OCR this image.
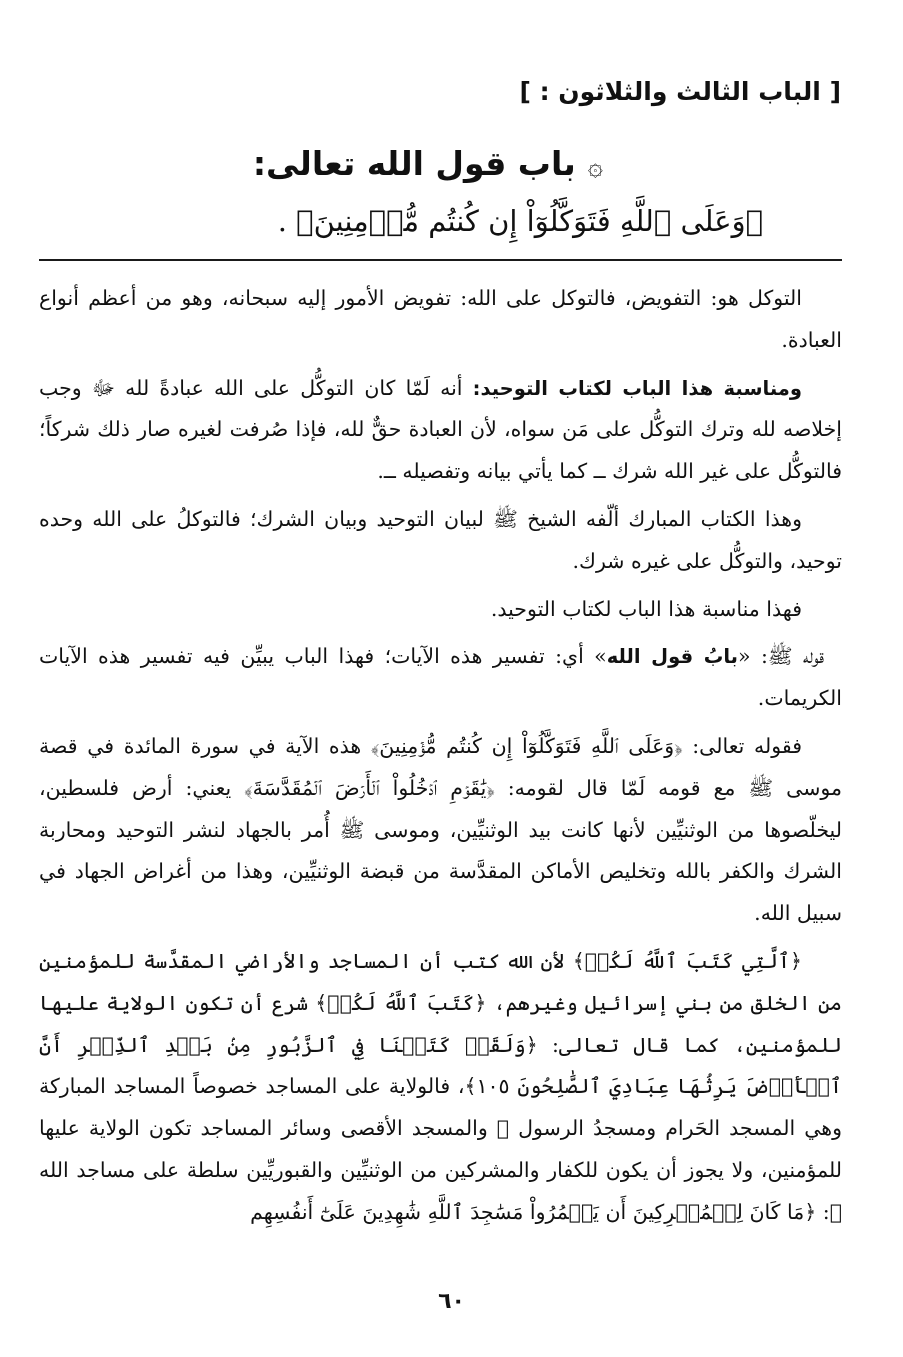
[ الباب الثالث والثلاثون : ]
۞باب قول الله تعالى:
﴿وَعَلَى ٱللَّهِ فَتَوَكَّلُوٓاْ إِن كُنتُم مُّؤۡمِنِينَ﴾ .

التوكل هو: التفويض، فالتوكل على الله: تفويض الأمور إليه سبحانه، وهو من أعظم أنواع العبادة.

ومناسبة هذا الباب لكتاب التوحيد: أنه لَمّا كان التوكُّل على الله عبادةً لله ﷻ وجب إخلاصه لله وترك التوكُّل على مَن سواه، لأن العبادة حقٌّ لله، فإذا صُرفت لغيره صار ذلك شركاً؛ فالتوكُّل على غير الله شرك ــ كما يأتي بيانه وتفصيله ــ.

وهذا الكتاب المبارك ألّفه الشيخ ﷺ لبيان التوحيد وبيان الشرك؛ فالتوكلُ على الله وحده توحيد، والتوكُّل على غيره شرك.

فهذا مناسبة هذا الباب لكتاب التوحيد.

قوله ﷺ: «بابُ قول الله» أي: تفسير هذه الآيات؛ فهذا الباب يبيِّن فيه تفسير هذه الآيات الكريمات.

فقوله تعالى: ﴿وَعَلَى ٱللَّهِ فَتَوَكَّلُوٓاْ إِن كُنتُم مُّؤۡمِنِينَ﴾ هذه الآية في سورة المائدة في قصة موسى ﷺ مع قومه لَمّا قال لقومه: ﴿يَٰقَوۡمِ ٱدۡخُلُواْ ٱلۡأَرۡضَ ٱلۡمُقَدَّسَةَ﴾ يعني: أرض فلسطين، ليخلّصوها من الوثنيِّين لأنها كانت بيد الوثنيِّين، وموسى ﷺ أُمر بالجهاد لنشر التوحيد ومحاربة الشرك والكفر بالله وتخليص الأماكن المقدَّسة من قبضة الوثنيِّين، وهذا من أغراض الجهاد في سبيل الله.

﴿ٱلَّتِي كَتَبَ ٱللَّهُ لَكُمۡ﴾ لأن الله كتب أن المساجد والأراضي المقدَّسة للمؤمنين من الخلق من بني إسرائيل وغيرهم، ﴿كَتَبَ ٱللَّهُ لَكُمۡ﴾ شرع أن تكون الولاية عليها للمؤمنين، كما قال تعالى: ﴿وَلَقَدۡ كَتَبۡنَا فِي ٱلزَّبُورِ مِنۢ بَعۡدِ ٱلذِّكۡرِ أَنَّ ٱلۡأَرۡضَ يَرِثُهَا عِبَادِيَ ٱلصَّٰلِحُونَ ١٠٥﴾، فالولاية على المساجد خصوصاً المساجد المباركة وهي المسجد الحَرام ومسجدُ الرسول ﷺ والمسجد الأقصى وسائر المساجد تكون الولاية عليها للمؤمنين، ولا يجوز أن يكون للكفار والمشركين من الوثنيِّين والقبوريِّين سلطة على مساجد الله ﷻ: ﴿مَا كَانَ لِلۡمُشۡرِكِينَ أَن يَعۡمُرُواْ مَسَٰجِدَ ٱللَّهِ شَٰهِدِينَ عَلَىٰٓ أَنفُسِهِم

٦٠
